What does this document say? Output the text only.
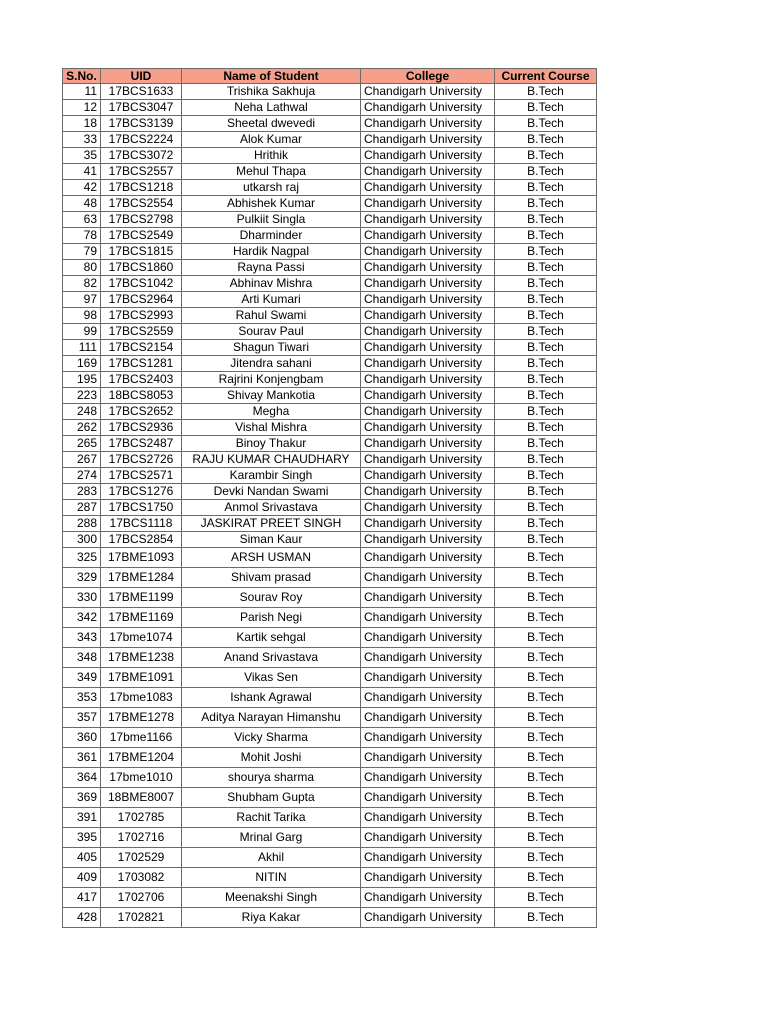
S.No.	UID	Name of Student	College	Current Course
11	17BCS1633	Trishika Sakhuja	Chandigarh University	B.Tech
12	17BCS3047	Neha Lathwal	Chandigarh University	B.Tech
18	17BCS3139	Sheetal dwevedi	Chandigarh University	B.Tech
33	17BCS2224	Alok Kumar	Chandigarh University	B.Tech
35	17BCS3072	Hrithik	Chandigarh University	B.Tech
41	17BCS2557	Mehul Thapa	Chandigarh University	B.Tech
42	17BCS1218	utkarsh raj	Chandigarh University	B.Tech
48	17BCS2554	Abhishek Kumar	Chandigarh University	B.Tech
63	17BCS2798	Pulkiit Singla	Chandigarh University	B.Tech
78	17BCS2549	Dharminder	Chandigarh University	B.Tech
79	17BCS1815	Hardik Nagpal	Chandigarh University	B.Tech
80	17BCS1860	Rayna Passi	Chandigarh University	B.Tech
82	17BCS1042	Abhinav Mishra	Chandigarh University	B.Tech
97	17BCS2964	Arti Kumari	Chandigarh University	B.Tech
98	17BCS2993	Rahul Swami	Chandigarh University	B.Tech
99	17BCS2559	Sourav Paul	Chandigarh University	B.Tech
111	17BCS2154	Shagun Tiwari	Chandigarh University	B.Tech
169	17BCS1281	Jitendra sahani	Chandigarh University	B.Tech
195	17BCS2403	Rajrini Konjengbam	Chandigarh University	B.Tech
223	18BCS8053	Shivay Mankotia	Chandigarh University	B.Tech
248	17BCS2652	Megha	Chandigarh University	B.Tech
262	17BCS2936	Vishal Mishra	Chandigarh University	B.Tech
265	17BCS2487	Binoy Thakur	Chandigarh University	B.Tech
267	17BCS2726	RAJU KUMAR CHAUDHARY	Chandigarh University	B.Tech
274	17BCS2571	Karambir Singh	Chandigarh University	B.Tech
283	17BCS1276	Devki Nandan Swami	Chandigarh University	B.Tech
287	17BCS1750	Anmol Srivastava	Chandigarh University	B.Tech
288	17BCS1118	JASKIRAT PREET SINGH	Chandigarh University	B.Tech
300	17BCS2854	Siman Kaur	Chandigarh University	B.Tech
325	17BME1093	ARSH USMAN	Chandigarh University	B.Tech
329	17BME1284	Shivam prasad	Chandigarh University	B.Tech
330	17BME1199	Sourav Roy	Chandigarh University	B.Tech
342	17BME1169	Parish Negi	Chandigarh University	B.Tech
343	17bme1074	Kartik sehgal	Chandigarh University	B.Tech
348	17BME1238	Anand Srivastava	Chandigarh University	B.Tech
349	17BME1091	Vikas Sen	Chandigarh University	B.Tech
353	17bme1083	Ishank Agrawal	Chandigarh University	B.Tech
357	17BME1278	Aditya Narayan Himanshu	Chandigarh University	B.Tech
360	17bme1166	Vicky Sharma	Chandigarh University	B.Tech
361	17BME1204	Mohit Joshi	Chandigarh University	B.Tech
364	17bme1010	shourya sharma	Chandigarh University	B.Tech
369	18BME8007	Shubham Gupta	Chandigarh University	B.Tech
391	1702785	Rachit Tarika	Chandigarh University	B.Tech
395	1702716	Mrinal Garg	Chandigarh University	B.Tech
405	1702529	Akhil	Chandigarh University	B.Tech
409	1703082	NITIN	Chandigarh University	B.Tech
417	1702706	Meenakshi Singh	Chandigarh University	B.Tech
428	1702821	Riya Kakar	Chandigarh University	B.Tech
